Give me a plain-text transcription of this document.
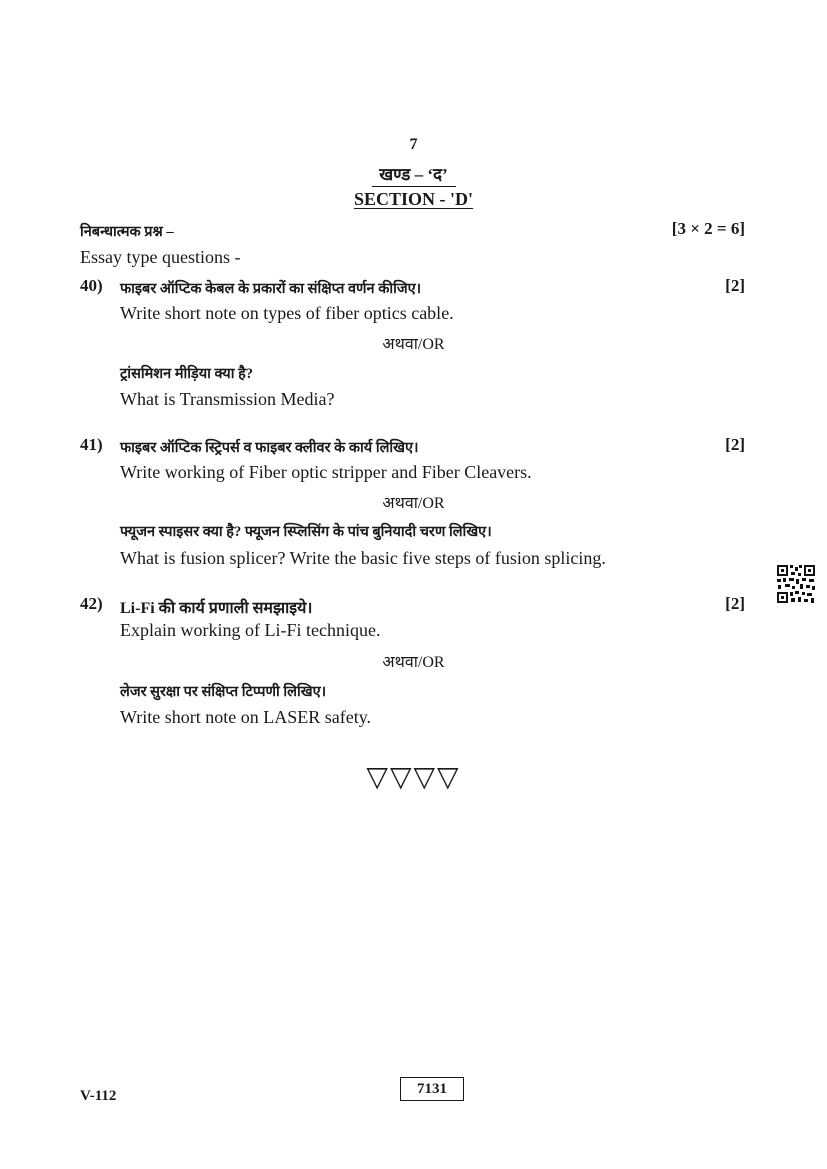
7
खण्ड – ‘द’
SECTION - 'D'
निबन्धात्मक प्रश्न –	[3 × 2 = 6]
Essay type questions -
40) फाइबर ऑप्टिक केबल के प्रकारों का संक्षिप्त वर्णन कीजिए।	[2]
Write short note on types of fiber optics cable.
अथवा/OR
ट्रांसमिशन मीड़िया क्या है?
What is Transmission Media?
41) फाइबर ऑप्टिक स्ट्रिपर्स व फाइबर क्लीवर के कार्य लिखिए।	[2]
Write working of Fiber optic stripper and Fiber Cleavers.
अथवा/OR
फ्यूजन स्पाइसर क्या है? फ्यूजन स्प्लिसिंग के पांच बुनियादी चरण लिखिए।
What is fusion splicer? Write the basic five steps of fusion splicing.
42) Li-Fi की कार्य प्रणाली समझाइये।	[2]
Explain working of Li-Fi technique.
अथवा/OR
लेजर सुरक्षा पर संक्षिप्त टिप्पणी लिखिए।
Write short note on LASER safety.
▽▽▽▽
V-112	7131
